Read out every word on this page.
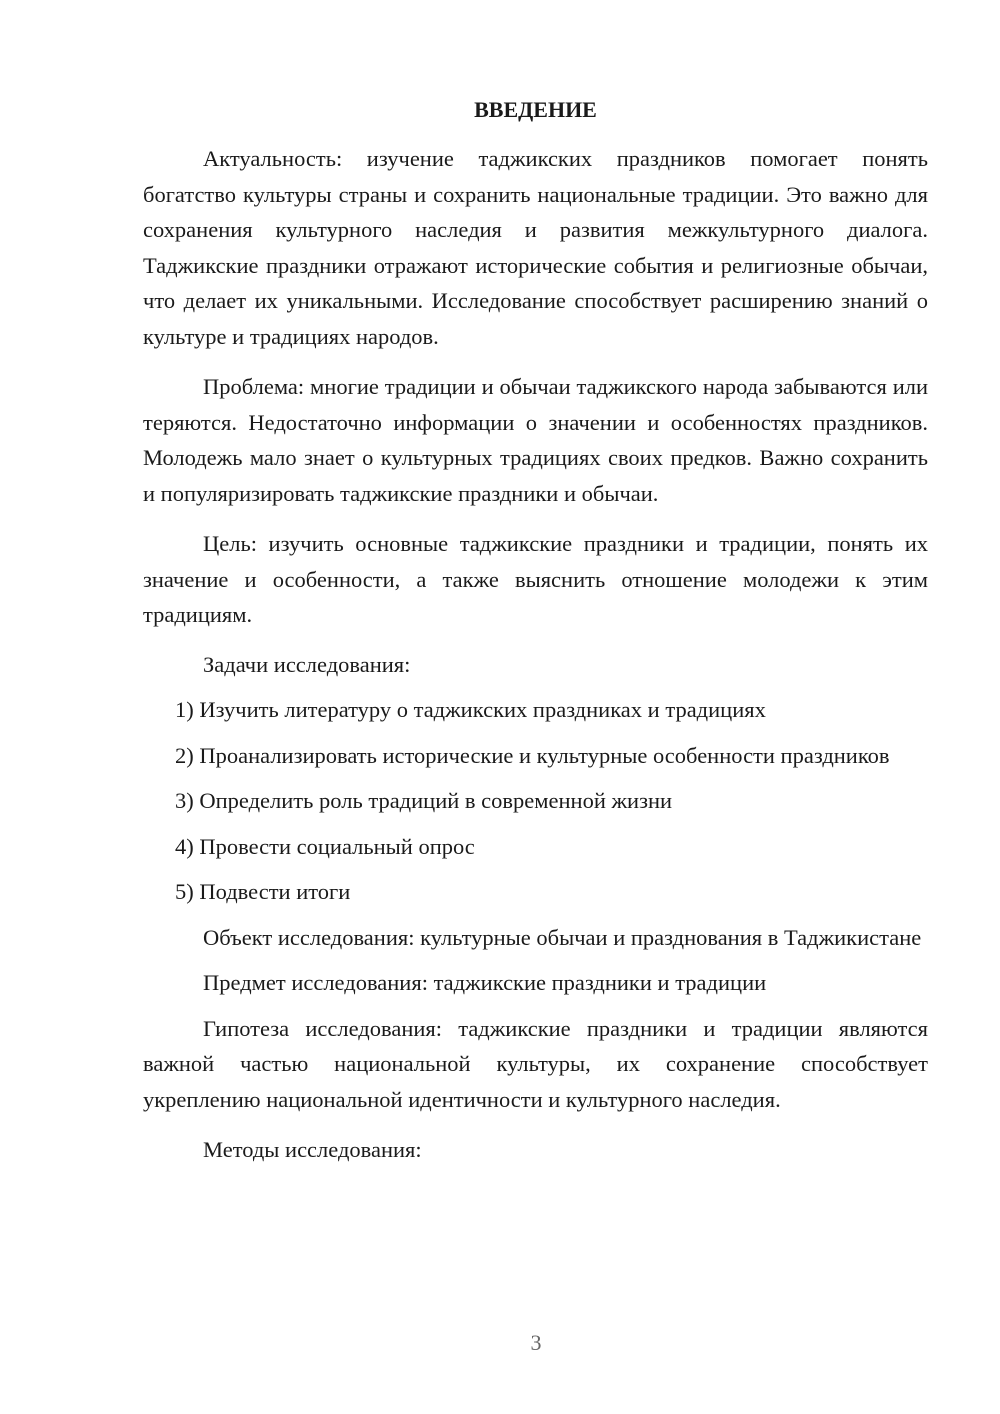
ВВЕДЕНИЕ

Актуальность: изучение таджикских праздников помогает понять богатство культуры страны и сохранить национальные традиции. Это важно для сохранения культурного наследия и развития межкультурного диалога. Таджикские праздники отражают исторические события и религиозные обычаи, что делает их уникальными. Исследование способствует расширению знаний о культуре и традициях народов.

Проблема: многие традиции и обычаи таджикского народа забываются или теряются. Недостаточно информации о значении и особенностях праздников. Молодежь мало знает о культурных традициях своих предков. Важно сохранить и популяризировать таджикские праздники и обычаи.

Цель: изучить основные таджикские праздники и традиции, понять их значение и особенности, а также выяснить отношение молодежи к этим традициям.

Задачи исследования:

1) Изучить литературу о таджикских праздниках и традициях

2) Проанализировать исторические и культурные особенности праздников

3) Определить роль традиций в современной жизни

4) Провести социальный опрос

5) Подвести итоги

Объект исследования: культурные обычаи и празднования в Таджикистане

Предмет исследования: таджикские праздники и традиции

Гипотеза исследования: таджикские праздники и традиции являются важной частью национальной культуры, их сохранение способствует укреплению национальной идентичности и культурного наследия.

Методы исследования:

3
